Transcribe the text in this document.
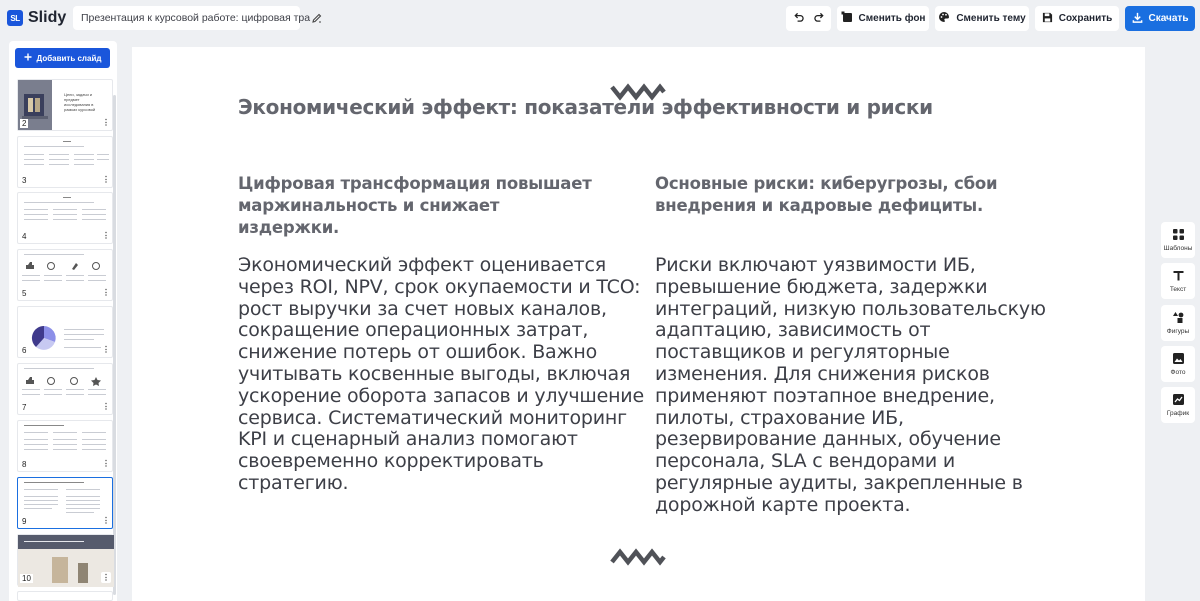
SL Slidy Презентация к курсовой работе: цифровая тра	Сменить фон	Сменить тему	Сохранить	Скачать
Добавить слайд
Цели, задачи и предмет исследования в рамках курсовой
2	⋮
3	⋮
4	⋮
5	⋮
6	⋮
7	⋮
8	⋮
9	⋮
10	⋮
Экономический эффект: показатели эффективности и риски
Цифровая трансформация повышает маржинальность и снижает издержки.
Основные риски: киберугрозы, сбои внедрения и кадровые дефициты.
Экономический эффект оценивается через ROI, NPV, срок окупаемости и TCO: рост выручки за счет новых каналов, сокращение операционных затрат, снижение потерь от ошибок. Важно учитывать косвенные выгоды, включая ускорение оборота запасов и улучшение сервиса. Систематический мониторинг KPI и сценарный анализ помогают своевременно корректировать стратегию.
Риски включают уязвимости ИБ, превышение бюджета, задержки интеграций, низкую пользовательскую адаптацию, зависимость от поставщиков и регуляторные изменения. Для снижения рисков применяют поэтапное внедрение, пилоты, страхование ИБ, резервирование данных, обучение персонала, SLA с вендорами и регулярные аудиты, закрепленные в дорожной карте проекта.
Шаблоны
Текст
Фигуры
Фото
График
